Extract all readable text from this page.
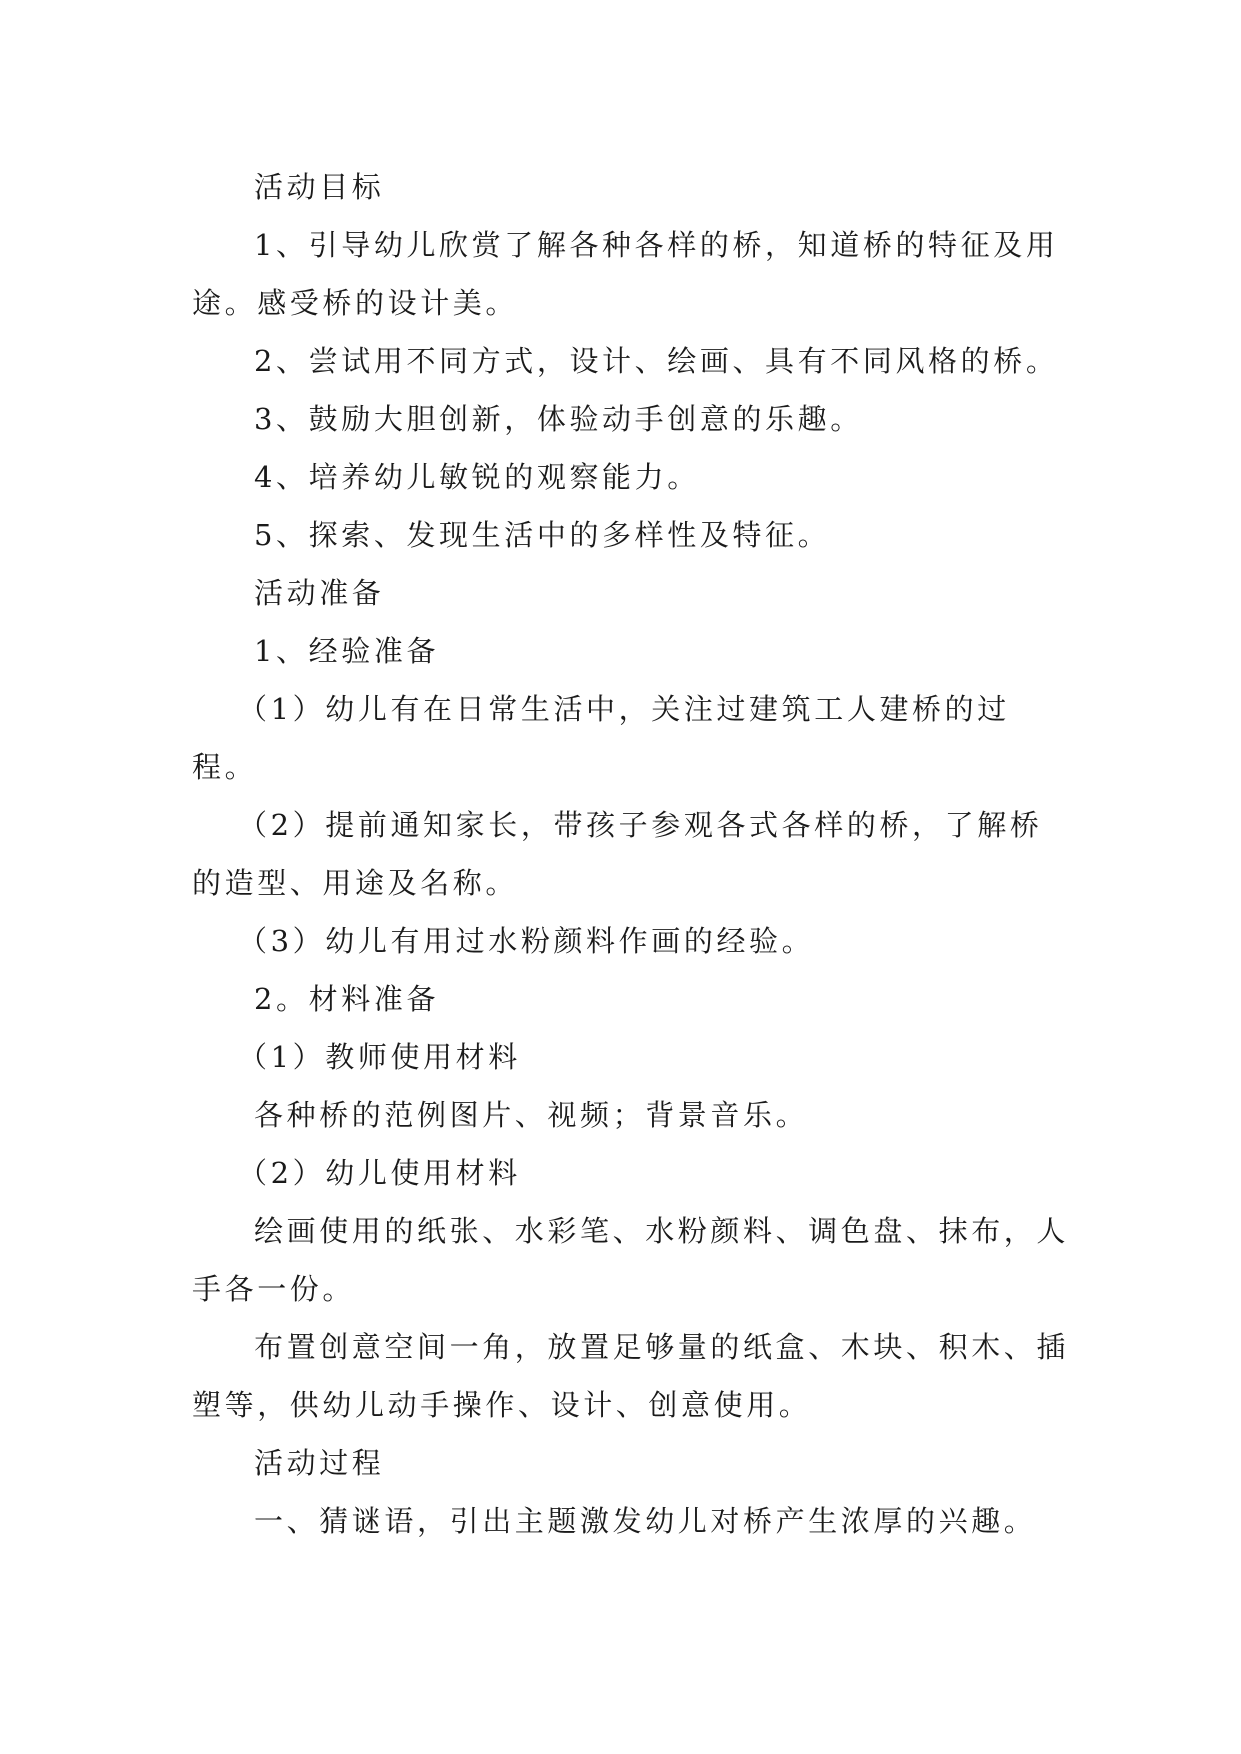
活动目标

1、引导幼儿欣赏了解各种各样的桥，知道桥的特征及用途。感受桥的设计美。

2、尝试用不同方式，设计、绘画、具有不同风格的桥。

3、鼓励大胆创新，体验动手创意的乐趣。

4、培养幼儿敏锐的观察能力。

5、探索、发现生活中的多样性及特征。

活动准备

1、经验准备

（1）幼儿有在日常生活中，关注过建筑工人建桥的过程。

（2）提前通知家长，带孩子参观各式各样的桥，了解桥的造型、用途及名称。

（3）幼儿有用过水粉颜料作画的经验。

2。材料准备

（1）教师使用材料

各种桥的范例图片、视频；背景音乐。

（2）幼儿使用材料

绘画使用的纸张、水彩笔、水粉颜料、调色盘、抹布，人手各一份。

布置创意空间一角，放置足够量的纸盒、木块、积木、插塑等，供幼儿动手操作、设计、创意使用。

活动过程

一、猜谜语，引出主题激发幼儿对桥产生浓厚的兴趣。
